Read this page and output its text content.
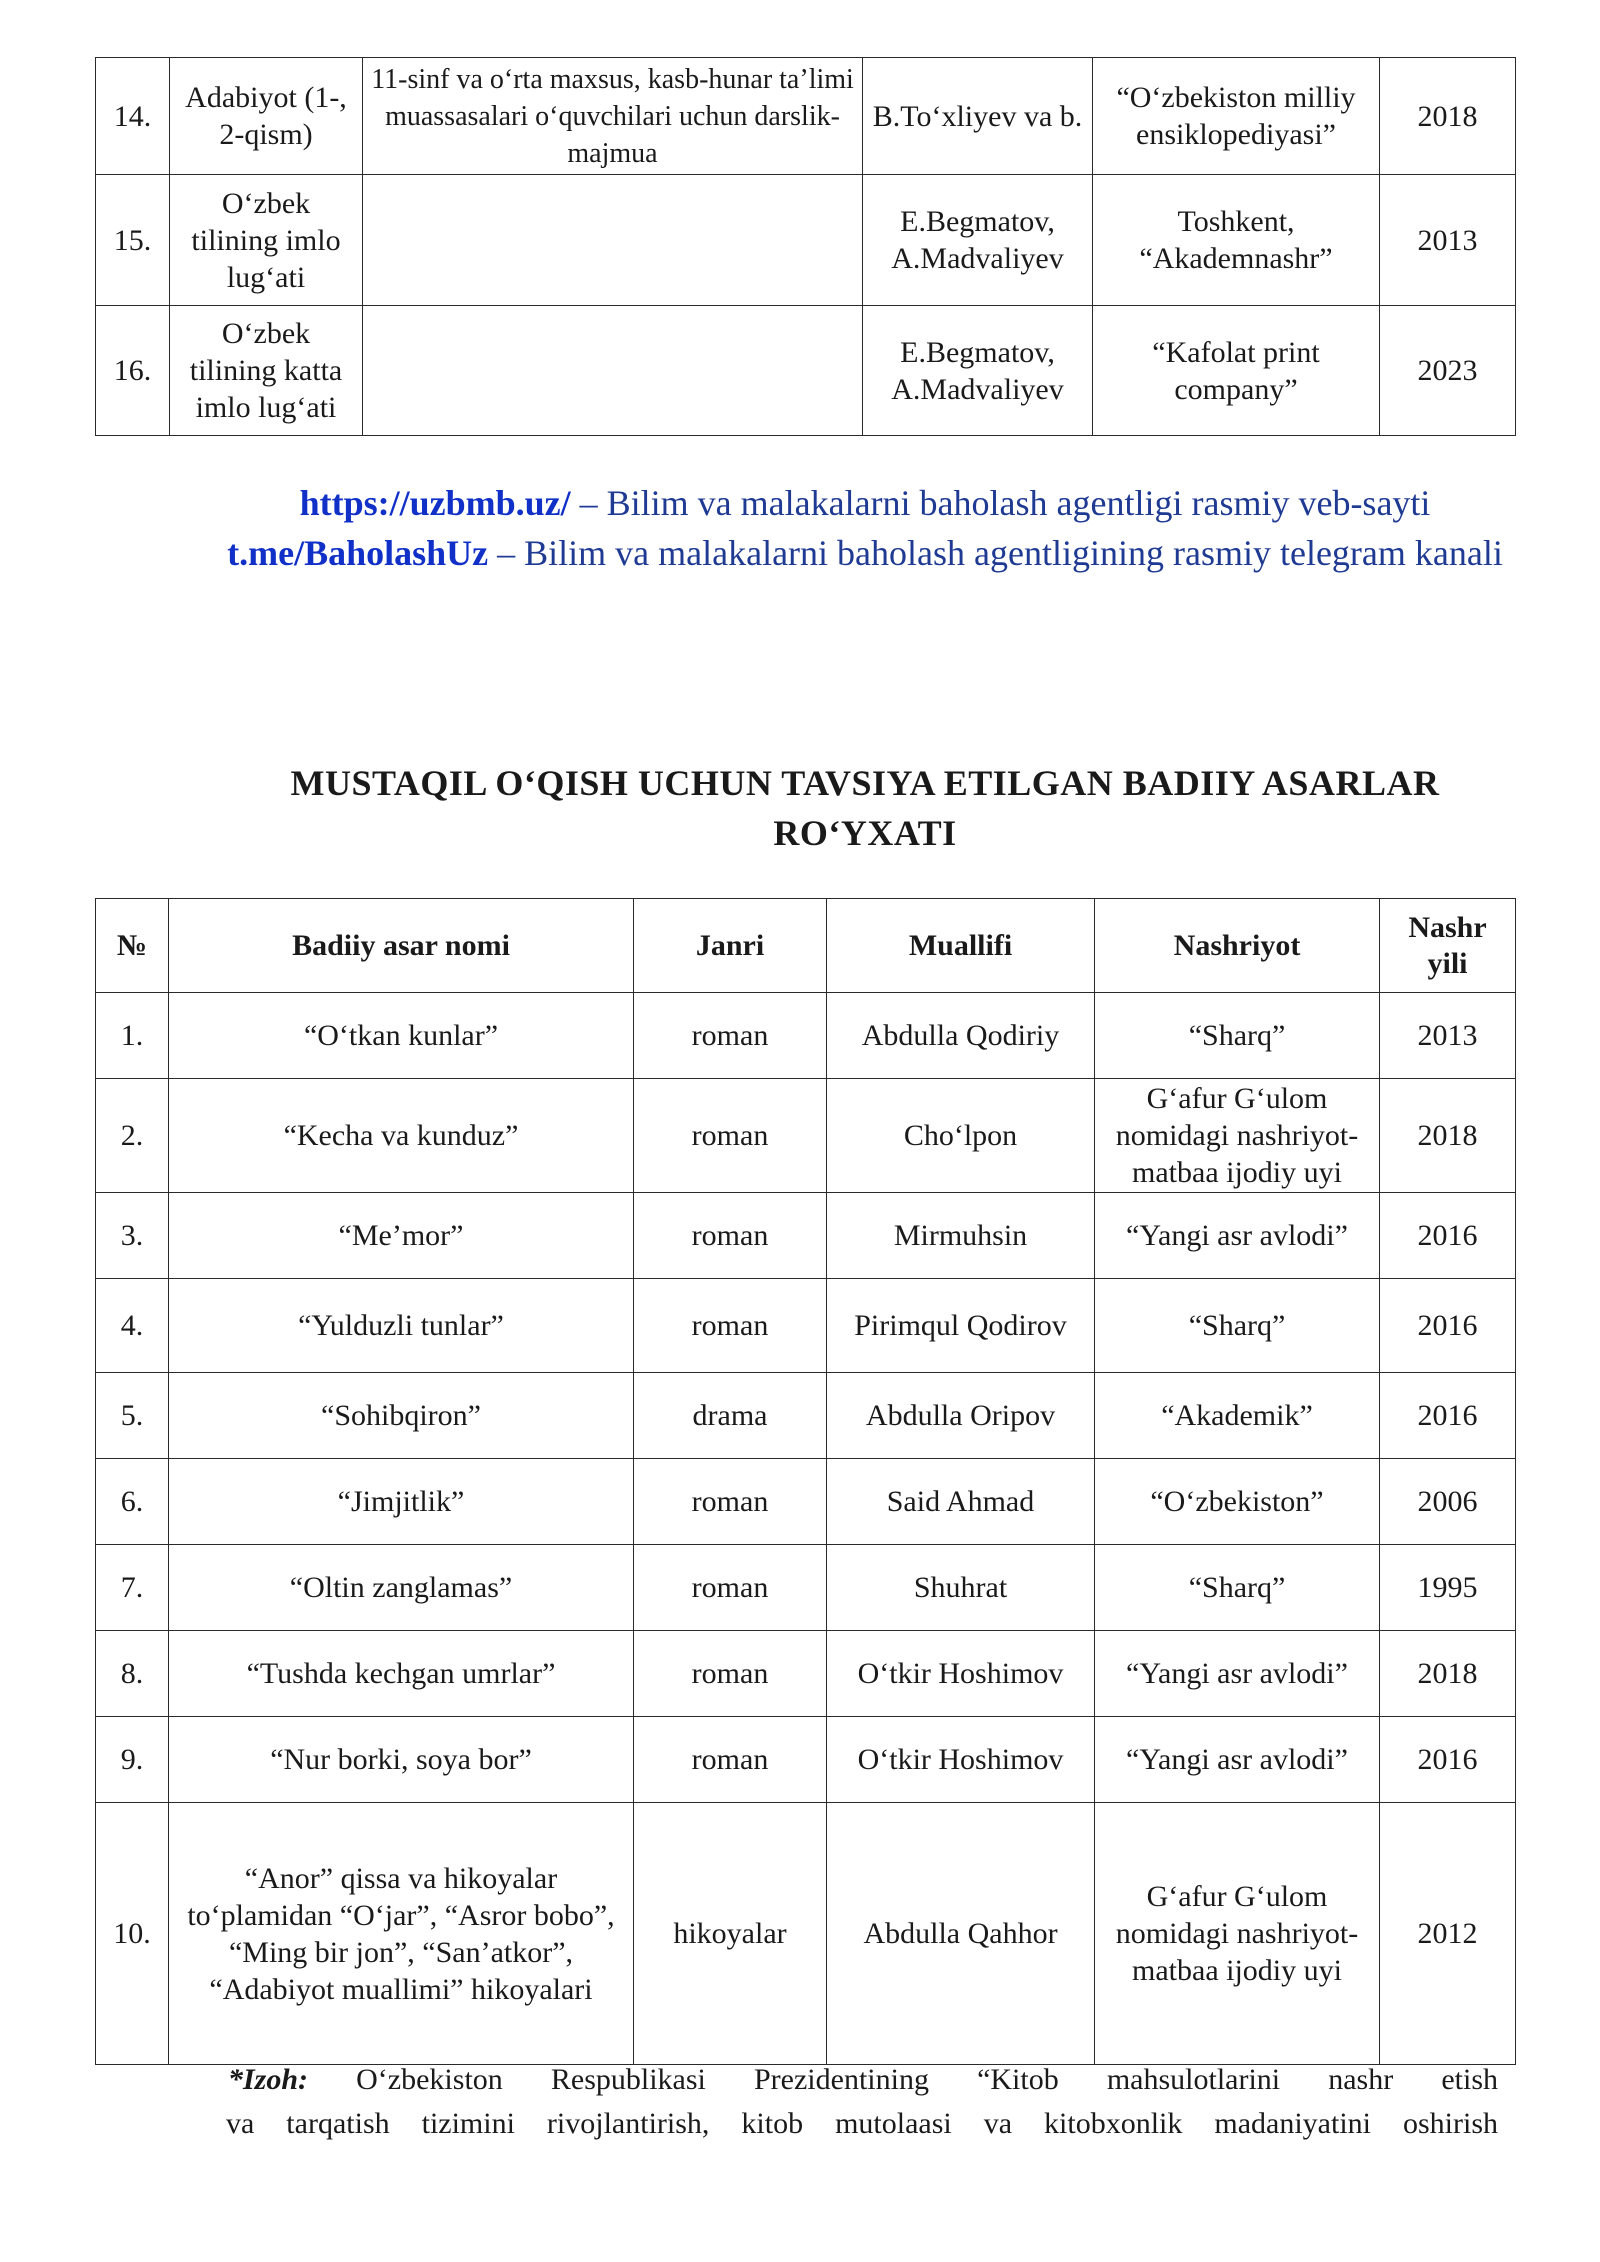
14.	Adabiyot (1-, 2-qism)	11-sinf va o‘rta maxsus, kasb-hunar ta’limi muassasalari o‘quvchilari uchun darslik-majmua	B.To‘xliyev va b.	“O‘zbekiston milliy ensiklopediyasi”	2018
15.	O‘zbek tilining imlo lug‘ati		E.Begmatov, A.Madvaliyev	Toshkent, “Akademnashr”	2013
16.	O‘zbek tilining katta imlo lug‘ati		E.Begmatov, A.Madvaliyev	“Kafolat print company”	2023
https://uzbmb.uz/ – Bilim va malakalarni baholash agentligi rasmiy veb-sayti
t.me/BaholashUz – Bilim va malakalarni baholash agentligining rasmiy telegram kanali
MUSTAQIL O‘QISH UCHUN TAVSIYA ETILGAN BADIIY ASARLAR RO‘YXATI
№	Badiiy asar nomi	Janri	Muallifi	Nashriyot	Nashr yili
1.	“O‘tkan kunlar”	roman	Abdulla Qodiriy	“Sharq”	2013
2.	“Kecha va kunduz”	roman	Cho‘lpon	G‘afur G‘ulom nomidagi nashriyot-matbaa ijodiy uyi	2018
3.	“Me’mor”	roman	Mirmuhsin	“Yangi asr avlodi”	2016
4.	“Yulduzli tunlar”	roman	Pirimqul Qodirov	“Sharq”	2016
5.	“Sohibqiron”	drama	Abdulla Oripov	“Akademik”	2016
6.	“Jimjitlik”	roman	Said Ahmad	“O‘zbekiston”	2006
7.	“Oltin zanglamas”	roman	Shuhrat	“Sharq”	1995
8.	“Tushda kechgan umrlar”	roman	O‘tkir Hoshimov	“Yangi asr avlodi”	2018
9.	“Nur borki, soya bor”	roman	O‘tkir Hoshimov	“Yangi asr avlodi”	2016
10.	“Anor” qissa va hikoyalar to‘plamidan “O‘jar”, “Asror bobo”, “Ming bir jon”, “San’atkor”, “Adabiyot muallimi” hikoyalari	hikoyalar	Abdulla Qahhor	G‘afur G‘ulom nomidagi nashriyot-matbaa ijodiy uyi	2012
*Izoh: O‘zbekiston Respublikasi Prezidentining “Kitob mahsulotlarini nashr etish
va tarqatish tizimini rivojlantirish, kitob mutolaasi va kitobxonlik madaniyatini oshirish
